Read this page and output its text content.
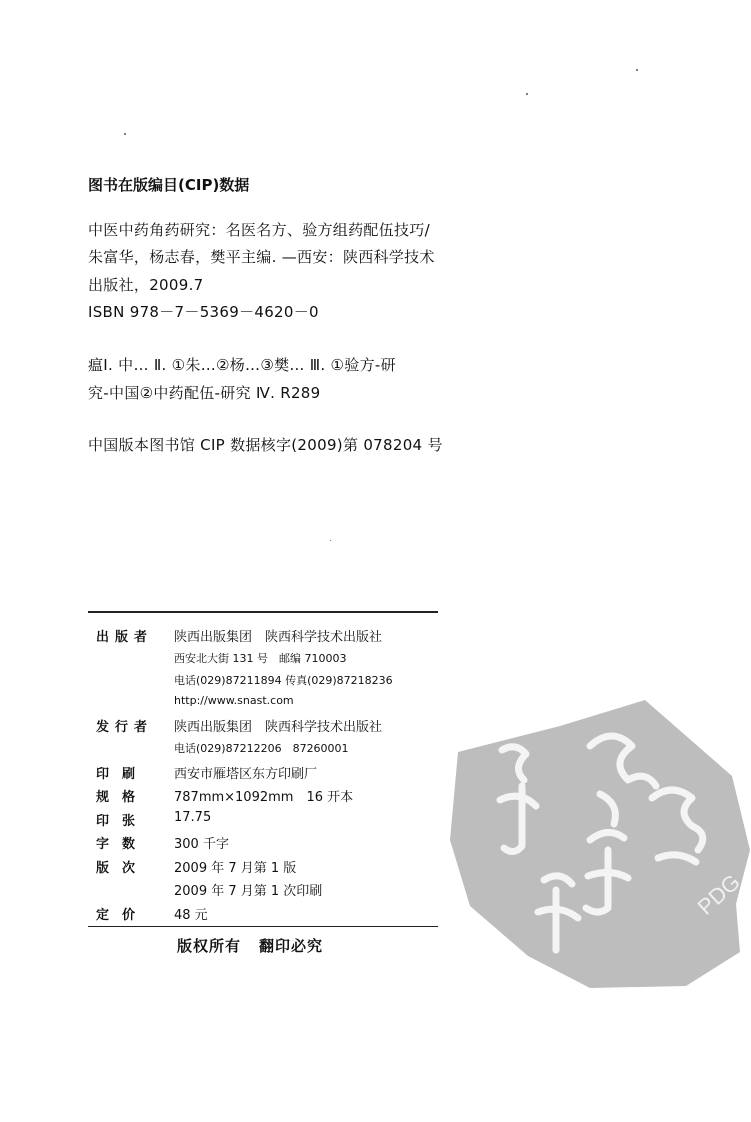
图书在版编目(CIP)数据
中医中药角药研究：名医名方、验方组药配伍技巧/
朱富华，杨志春，樊平主编. —西安：陕西科学技术
出版社，2009.7
ISBN 978－7－5369－4620－0
瘟Ⅰ. 中… Ⅱ. ①朱…②杨…③樊… Ⅲ. ①验方-研
究-中国②中药配伍-研究 Ⅳ. R289
中国版本图书馆 CIP 数据核字(2009)第 078204 号
出版者	陕西出版集团　陕西科学技术出版社
西安北大街 131 号　邮编 710003
电话(029)87211894 传真(029)87218236
http://www.snast.com
发行者	陕西出版集团　陕西科学技术出版社
电话(029)87212206　87260001
印　刷	西安市雁塔区东方印刷厂
规　格	787mm×1092mm　16 开本
印　张	17.75
字　数	300 千字
版　次	2009 年 7 月第 1 版
2009 年 7 月第 1 次印刷
定　价	48 元
版权所有 翻印必究
PDG
